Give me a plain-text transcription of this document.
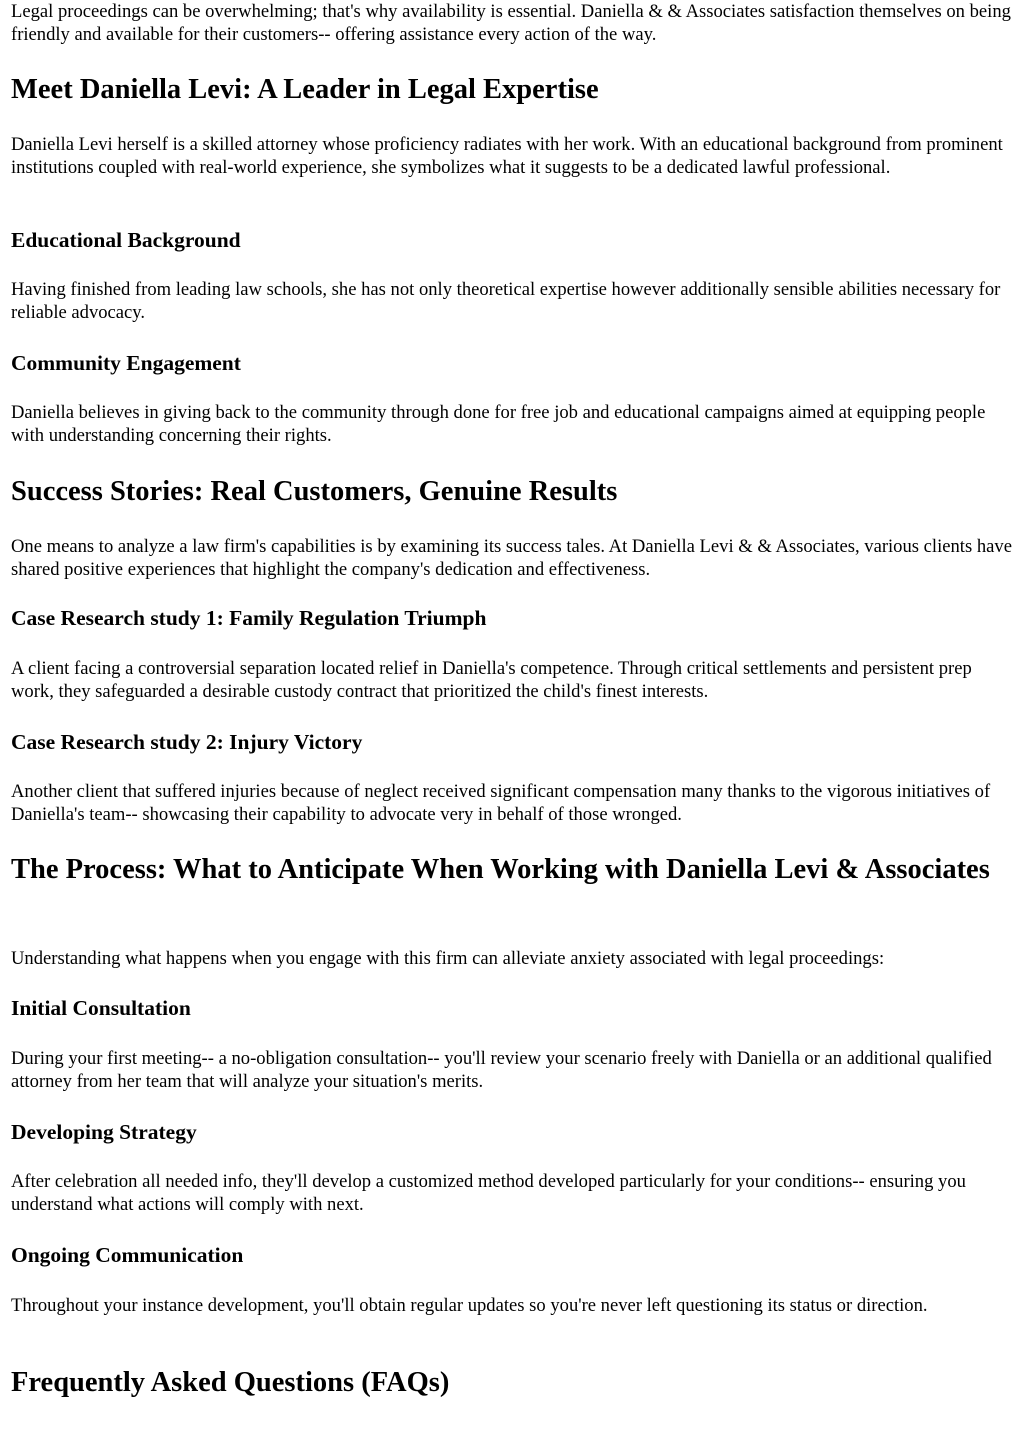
Legal proceedings can be overwhelming; that's why availability is essential. Daniella & & Associates satisfaction themselves on being friendly and available for their customers-- offering assistance every action of the way.

Meet Daniella Levi: A Leader in Legal Expertise

Daniella Levi herself is a skilled attorney whose proficiency radiates with her work. With an educational background from prominent institutions coupled with real-world experience, she symbolizes what it suggests to be a dedicated lawful professional.

Educational Background

Having finished from leading law schools, she has not only theoretical expertise however additionally sensible abilities necessary for reliable advocacy.

Community Engagement

Daniella believes in giving back to the community through done for free job and educational campaigns aimed at equipping people with understanding concerning their rights.

Success Stories: Real Customers, Genuine Results

One means to analyze a law firm's capabilities is by examining its success tales. At Daniella Levi & & Associates, various clients have shared positive experiences that highlight the company's dedication and effectiveness.

Case Research study 1: Family Regulation Triumph

A client facing a controversial separation located relief in Daniella's competence. Through critical settlements and persistent prep work, they safeguarded a desirable custody contract that prioritized the child's finest interests.

Case Research study 2: Injury Victory

Another client that suffered injuries because of neglect received significant compensation many thanks to the vigorous initiatives of Daniella's team-- showcasing their capability to advocate very in behalf of those wronged.

The Process: What to Anticipate When Working with Daniella Levi & Associates

Understanding what happens when you engage with this firm can alleviate anxiety associated with legal proceedings:

Initial Consultation

During your first meeting-- a no-obligation consultation-- you'll review your scenario freely with Daniella or an additional qualified attorney from her team that will analyze your situation's merits.

Developing Strategy

After celebration all needed info, they'll develop a customized method developed particularly for your conditions-- ensuring you understand what actions will comply with next.

Ongoing Communication

Throughout your instance development, you'll obtain regular updates so you're never left questioning its status or direction.

Frequently Asked Questions (FAQs)
